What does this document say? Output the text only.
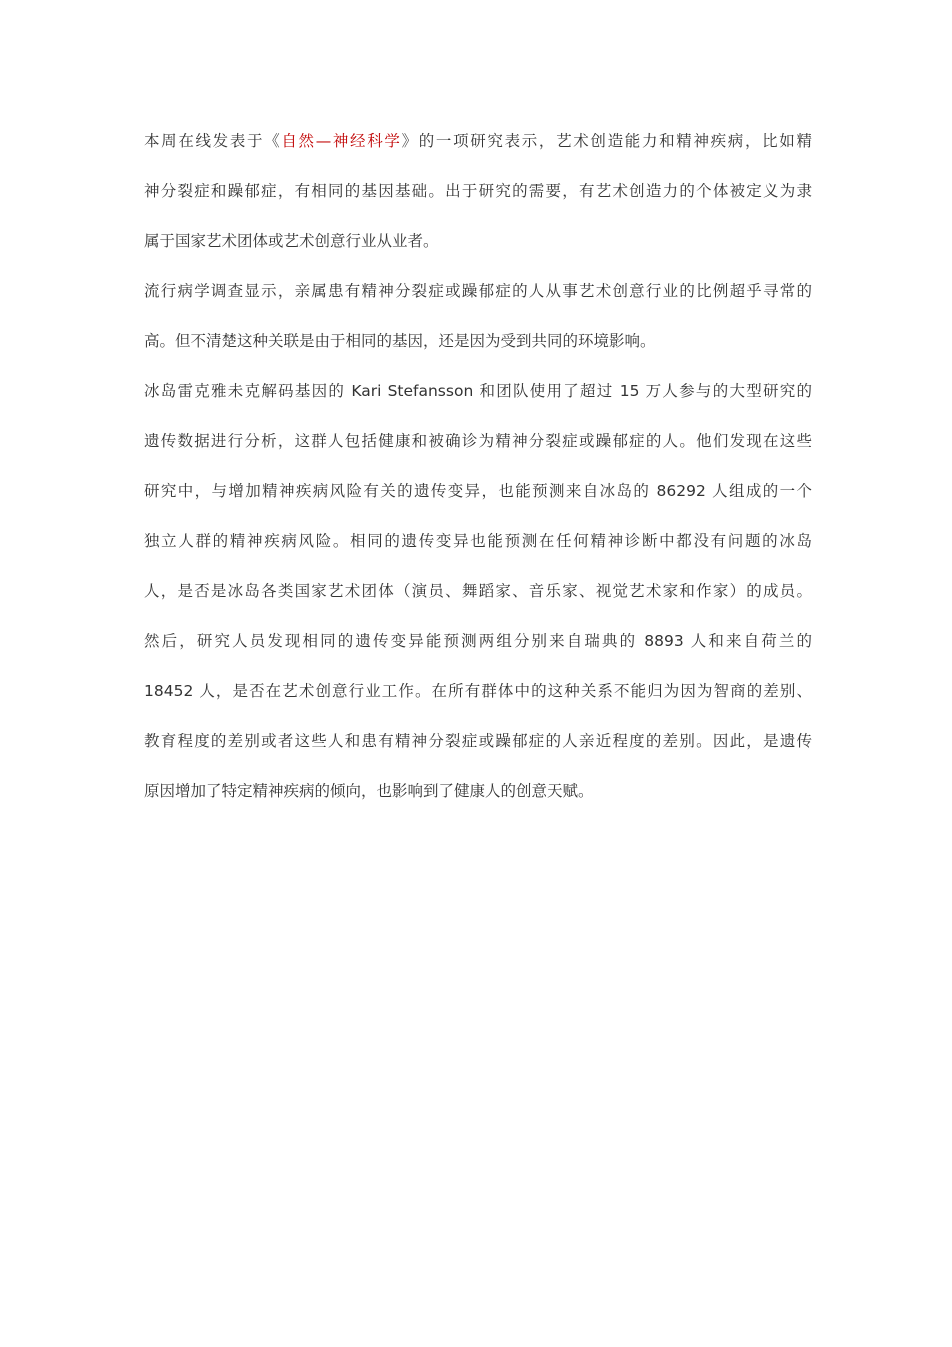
本周在线发表于《自然—神经科学》的一项研究表示，艺术创造能力和精神疾病，比如精
神分裂症和躁郁症，有相同的基因基础。出于研究的需要，有艺术创造力的个体被定义为隶
属于国家艺术团体或艺术创意行业从业者。
流行病学调查显示，亲属患有精神分裂症或躁郁症的人从事艺术创意行业的比例超乎寻常的
高。但不清楚这种关联是由于相同的基因，还是因为受到共同的环境影响。
冰岛雷克雅未克解码基因的 Kari Stefansson 和团队使用了超过 15 万人参与的大型研究的
遗传数据进行分析，这群人包括健康和被确诊为精神分裂症或躁郁症的人。他们发现在这些
研究中，与增加精神疾病风险有关的遗传变异，也能预测来自冰岛的 86292 人组成的一个
独立人群的精神疾病风险。相同的遗传变异也能预测在任何精神诊断中都没有问题的冰岛
人，是否是冰岛各类国家艺术团体（演员、舞蹈家、音乐家、视觉艺术家和作家）的成员。
然后，研究人员发现相同的遗传变异能预测两组分别来自瑞典的 8893 人和来自荷兰的
18452 人，是否在艺术创意行业工作。在所有群体中的这种关系不能归为因为智商的差别、
教育程度的差别或者这些人和患有精神分裂症或躁郁症的人亲近程度的差别。因此，是遗传
原因增加了特定精神疾病的倾向，也影响到了健康人的创意天赋。
